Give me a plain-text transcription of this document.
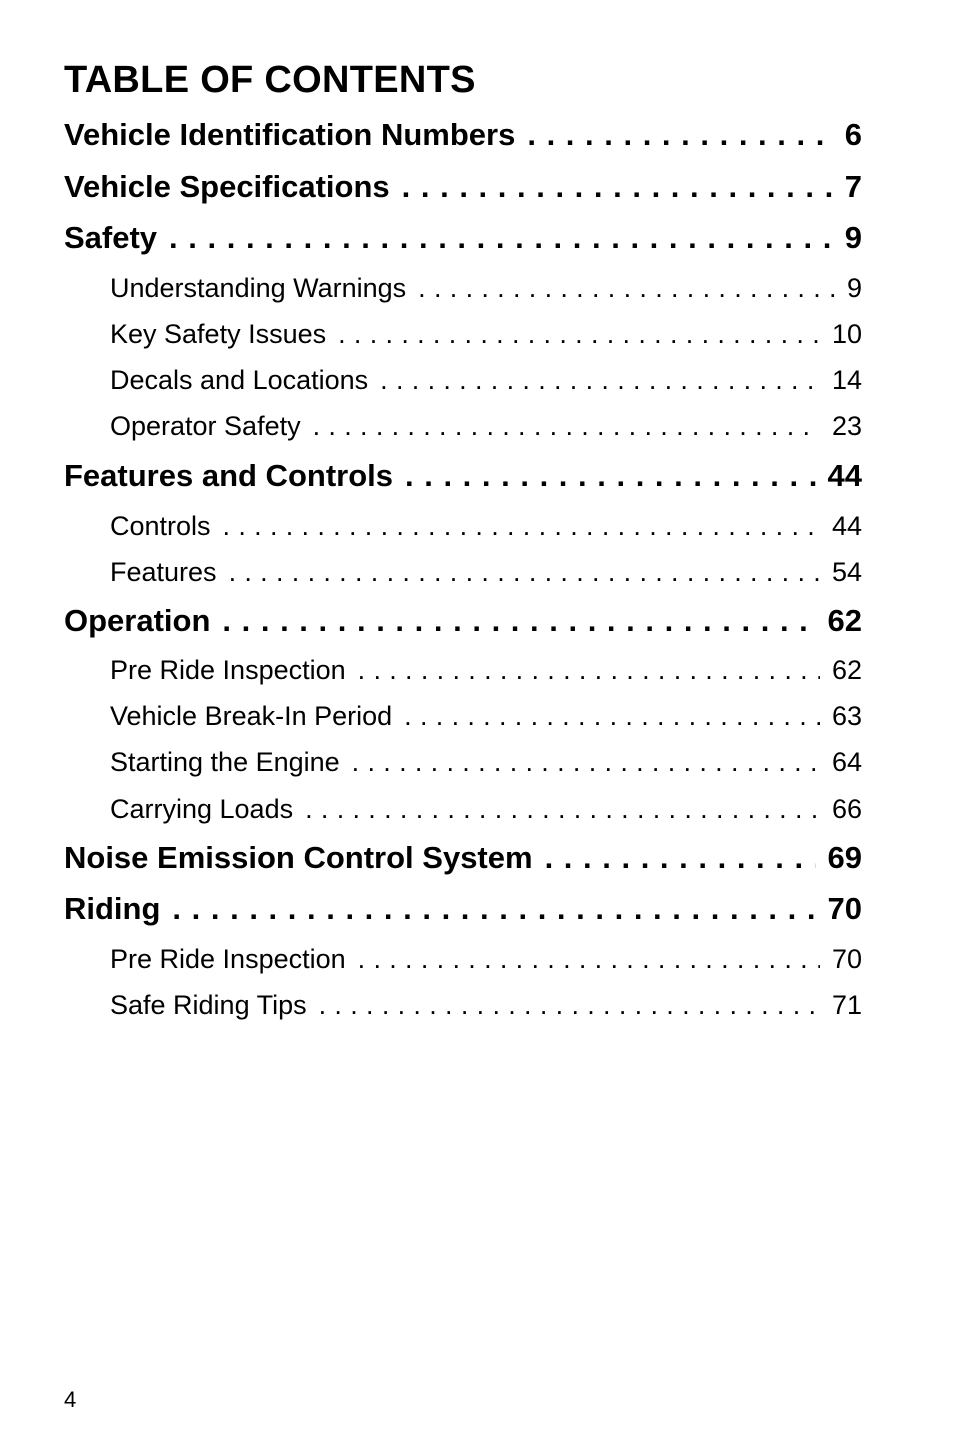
TABLE OF CONTENTS
Vehicle Identification Numbers . . .	6
Vehicle Specifications . . .	7
Safety . . .	9
Understanding Warnings . . .	9
Key Safety Issues . . .	10
Decals and Locations . . .	14
Operator Safety . . .	23
Features and Controls . . .	44
Controls . . .	44
Features . . .	54
Operation . . .	62
Pre Ride Inspection . . .	62
Vehicle Break-In Period . . .	63
Starting the Engine . . .	64
Carrying Loads . . .	66
Noise Emission Control System . . .	69
Riding . . .	70
Pre Ride Inspection . . .	70
Safe Riding Tips . . .	71
4
